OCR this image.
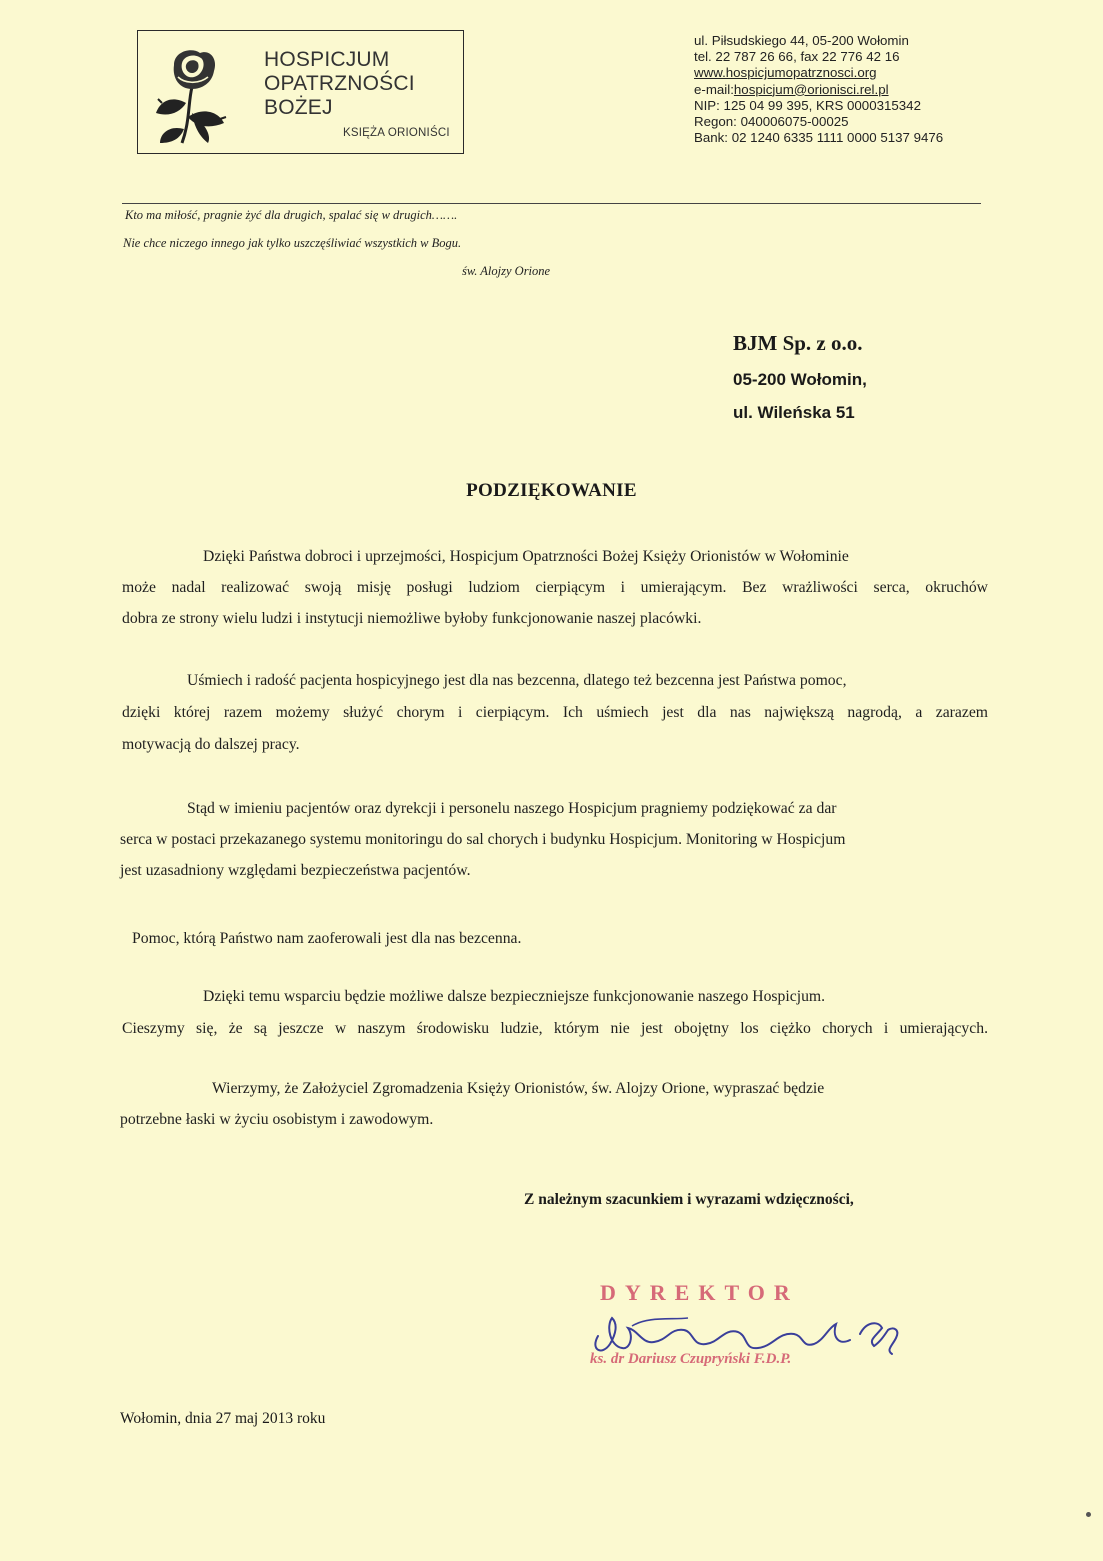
HOSPICJUM
OPATRZNOŚCI
BOŻEJ
KSIĘŻA ORIONIŚCI
ul. Piłsudskiego 44, 05-200 Wołomin
tel. 22 787 26 66, fax 22 776 42 16
www.hospicjumopatrznosci.org
e-mail:hospicjum@orionisci.rel.pl
NIP: 125 04 99 395, KRS 0000315342
Regon: 040006075-00025
Bank: 02 1240 6335 1111 0000 5137 9476
Kto ma miłość, pragnie żyć dla drugich, spalać się w drugich…….
Nie chce niczego innego jak tylko uszczęśliwiać wszystkich w Bogu.
św. Alojzy Orione
BJM Sp. z o.o.
05-200 Wołomin,
ul. Wileńska 51
PODZIĘKOWANIE
Dzięki Państwa dobroci i uprzejmości, Hospicjum Opatrzności Bożej Księży Orionistów w Wołominie
może nadal realizować swoją misję posługi ludziom cierpiącym i umierającym. Bez wrażliwości serca, okruchów
dobra ze strony wielu ludzi i instytucji niemożliwe byłoby funkcjonowanie naszej placówki.
Uśmiech i radość pacjenta hospicyjnego jest dla nas bezcenna, dlatego też bezcenna jest Państwa pomoc,
dzięki której razem możemy służyć chorym i cierpiącym. Ich uśmiech jest dla nas największą nagrodą, a zarazem
motywacją do dalszej pracy.
Stąd w imieniu pacjentów oraz dyrekcji i personelu naszego Hospicjum pragniemy podziękować za dar
serca w postaci przekazanego systemu monitoringu do sal chorych i budynku Hospicjum. Monitoring w Hospicjum
jest uzasadniony względami bezpieczeństwa pacjentów.
Pomoc, którą Państwo nam zaoferowali jest dla nas bezcenna.
Dzięki temu wsparciu będzie możliwe dalsze bezpieczniejsze funkcjonowanie naszego Hospicjum.
Cieszymy się, że są jeszcze w naszym środowisku ludzie, którym nie jest obojętny los ciężko chorych i umierających.
Wierzymy, że Założyciel Zgromadzenia Księży Orionistów, św. Alojzy Orione, wypraszać będzie
potrzebne łaski w życiu osobistym i zawodowym.
Z należnym szacunkiem i wyrazami wdzięczności,
DYREKTOR
ks. dr Dariusz Czupryński F.D.P.
Wołomin, dnia 27 maj 2013 roku
